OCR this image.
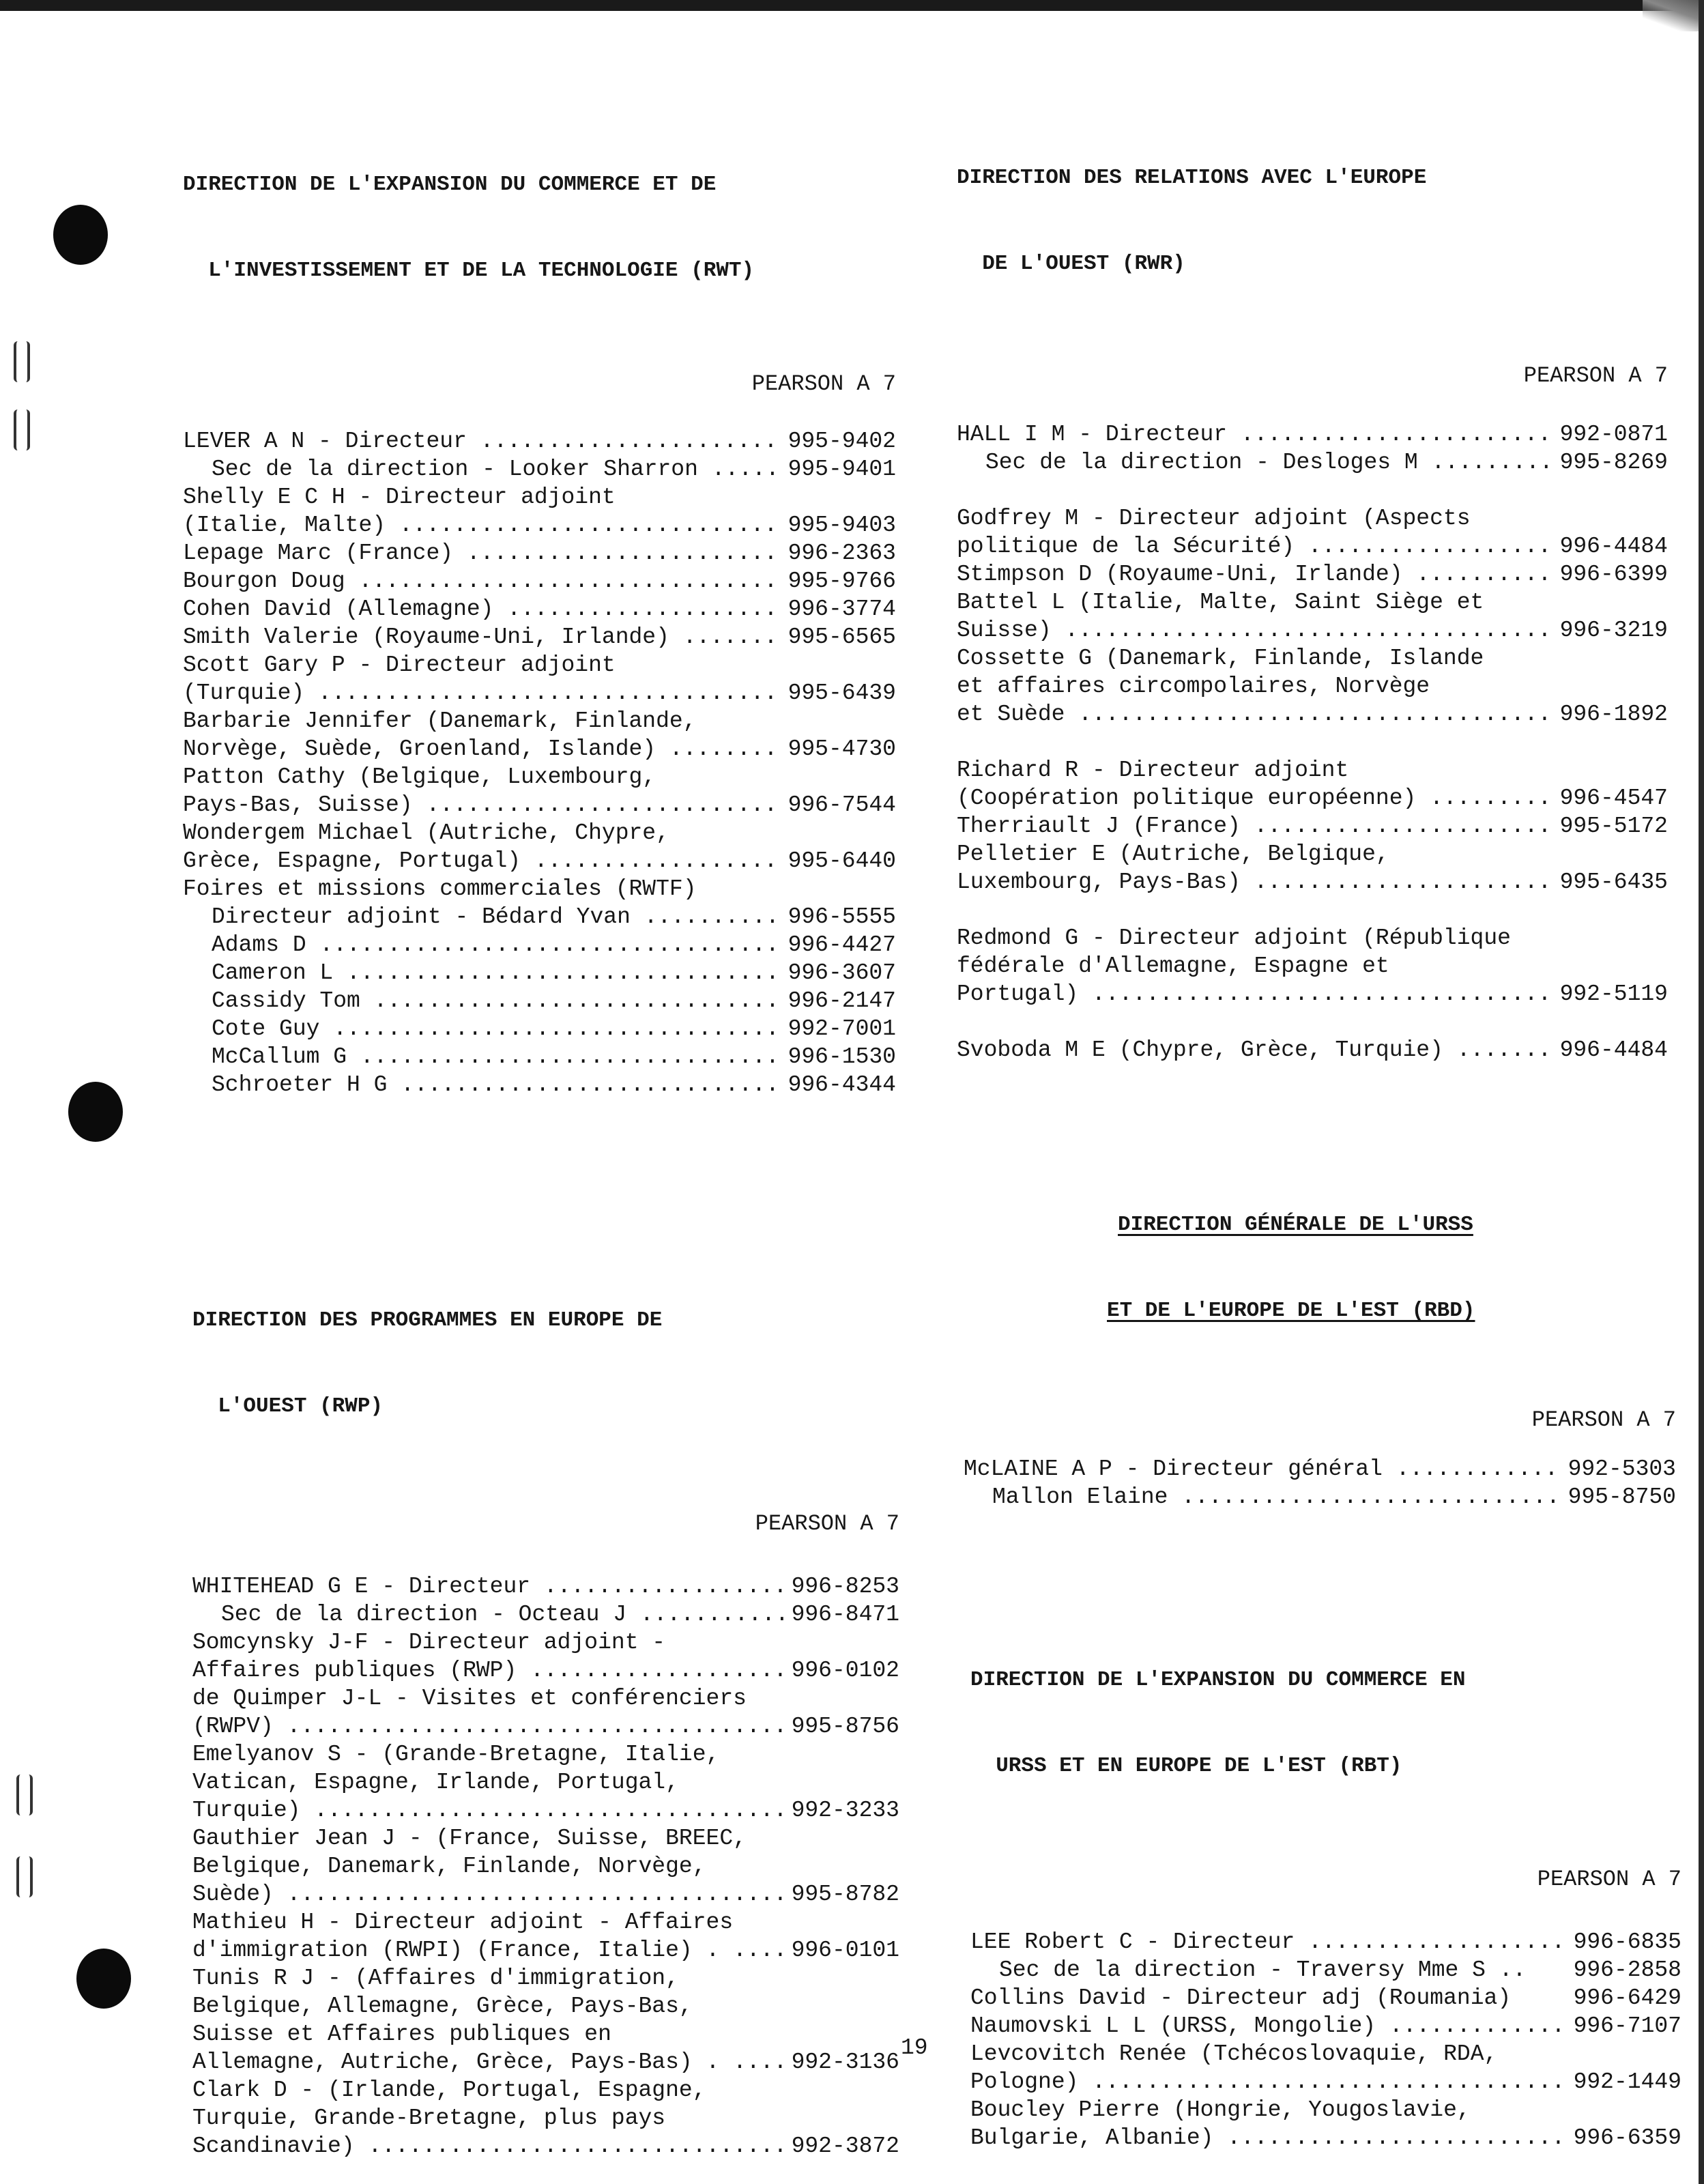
DIRECTION DE L'EXPANSION DU COMMERCE ET DE

L'INVESTISSEMENT ET DE LA TECHNOLOGIE (RWT)

PEARSON A 7
LEVER A N - Directeur .....	995-9402
Sec de la direction - Looker Sharron .....	995-9401
Shelly E C H - Directeur adjoint
(Italie, Malte) .....	995-9403
Lepage Marc (France) .....	996-2363
Bourgon Doug .....	995-9766
Cohen David (Allemagne) .....	996-3774
Smith Valerie (Royaume-Uni, Irlande) .....	995-6565
Scott Gary P - Directeur adjoint
(Turquie) .....	995-6439
Barbarie Jennifer (Danemark, Finlande,
Norvège, Suède, Groenland, Islande) .....	995-4730
Patton Cathy (Belgique, Luxembourg,
Pays-Bas, Suisse) .....	996-7544
Wondergem Michael (Autriche, Chypre,
Grèce, Espagne, Portugal) .....	995-6440
Foires et missions commerciales (RWTF)
Directeur adjoint - Bédard Yvan .....	996-5555
Adams D .....	996-4427
Cameron L .....	996-3607
Cassidy Tom .....	996-2147
Cote Guy .....	992-7001
McCallum G .....	996-1530
Schroeter H G .....	996-4344

DIRECTION DES RELATIONS AVEC L'EUROPE

DE L'OUEST (RWR)

PEARSON A 7
HALL I M - Directeur .....	992-0871
Sec de la direction - Desloges M .....	995-8269
Godfrey M - Directeur adjoint (Aspects
politique de la Sécurité) .....	996-4484
Stimpson D (Royaume-Uni, Irlande) .....	996-6399
Battel L (Italie, Malte, Saint Siège et
Suisse) .....	996-3219
Cossette G (Danemark, Finlande, Islande
et affaires circompolaires, Norvège
et Suède .....	996-1892
Richard R - Directeur adjoint
(Coopération politique européenne) .....	996-4547
Therriault J (France) .....	995-5172
Pelletier E (Autriche, Belgique,
Luxembourg, Pays-Bas) .....	995-6435
Redmond G - Directeur adjoint (République
fédérale d'Allemagne, Espagne et
Portugal) .....	992-5119
Svoboda M E (Chypre, Grèce, Turquie) .....	996-4484

DIRECTION DES PROGRAMMES EN EUROPE DE

L'OUEST (RWP)

PEARSON A 7
WHITEHEAD G E - Directeur .....	996-8253
Sec de la direction - Octeau J .....	996-8471
Somcynsky J-F - Directeur adjoint -
Affaires publiques (RWP) .....	996-0102
de Quimper J-L - Visites et conférenciers
(RWPV) .....	995-8756
Emelyanov S - (Grande-Bretagne, Italie,
Vatican, Espagne, Irlande, Portugal,
Turquie) .....	992-3233
Gauthier Jean J - (France, Suisse, BREEC,
Belgique, Danemark, Finlande, Norvège,
Suède) .....	995-8782
Mathieu H - Directeur adjoint - Affaires
d'immigration (RWPI) (France, Italie) . .....	996-0101
Tunis R J - (Affaires d'immigration,
Belgique, Allemagne, Grèce, Pays-Bas,
Suisse et Affaires publiques en
Allemagne, Autriche, Grèce, Pays-Bas) . .....	992-3136
Clark D - (Irlande, Portugal, Espagne,
Turquie, Grande-Bretagne, plus pays
Scandinavie) .....	992-3872

DIRECTION GÉNÉRALE DE L'URSS

ET DE L'EUROPE DE L'EST (RBD)

PEARSON A 7
McLAINE A P - Directeur général .....	992-5303
Mallon Elaine .....	995-8750

DIRECTION DE L'EXPANSION DU COMMERCE EN

URSS ET EN EUROPE DE L'EST (RBT)

PEARSON A 7
LEE Robert C - Directeur .....	996-6835
Sec de la direction - Traversy Mme S ..	996-2858
Collins David - Directeur adj (Roumania)	996-6429
Naumovski L L (URSS, Mongolie) .....	996-7107
Levcovitch Renée (Tchécoslovaquie, RDA,
Pologne) .....	992-1449
Boucley Pierre (Hongrie, Yougoslavie,
Bulgarie, Albanie) .....	996-6359
19
